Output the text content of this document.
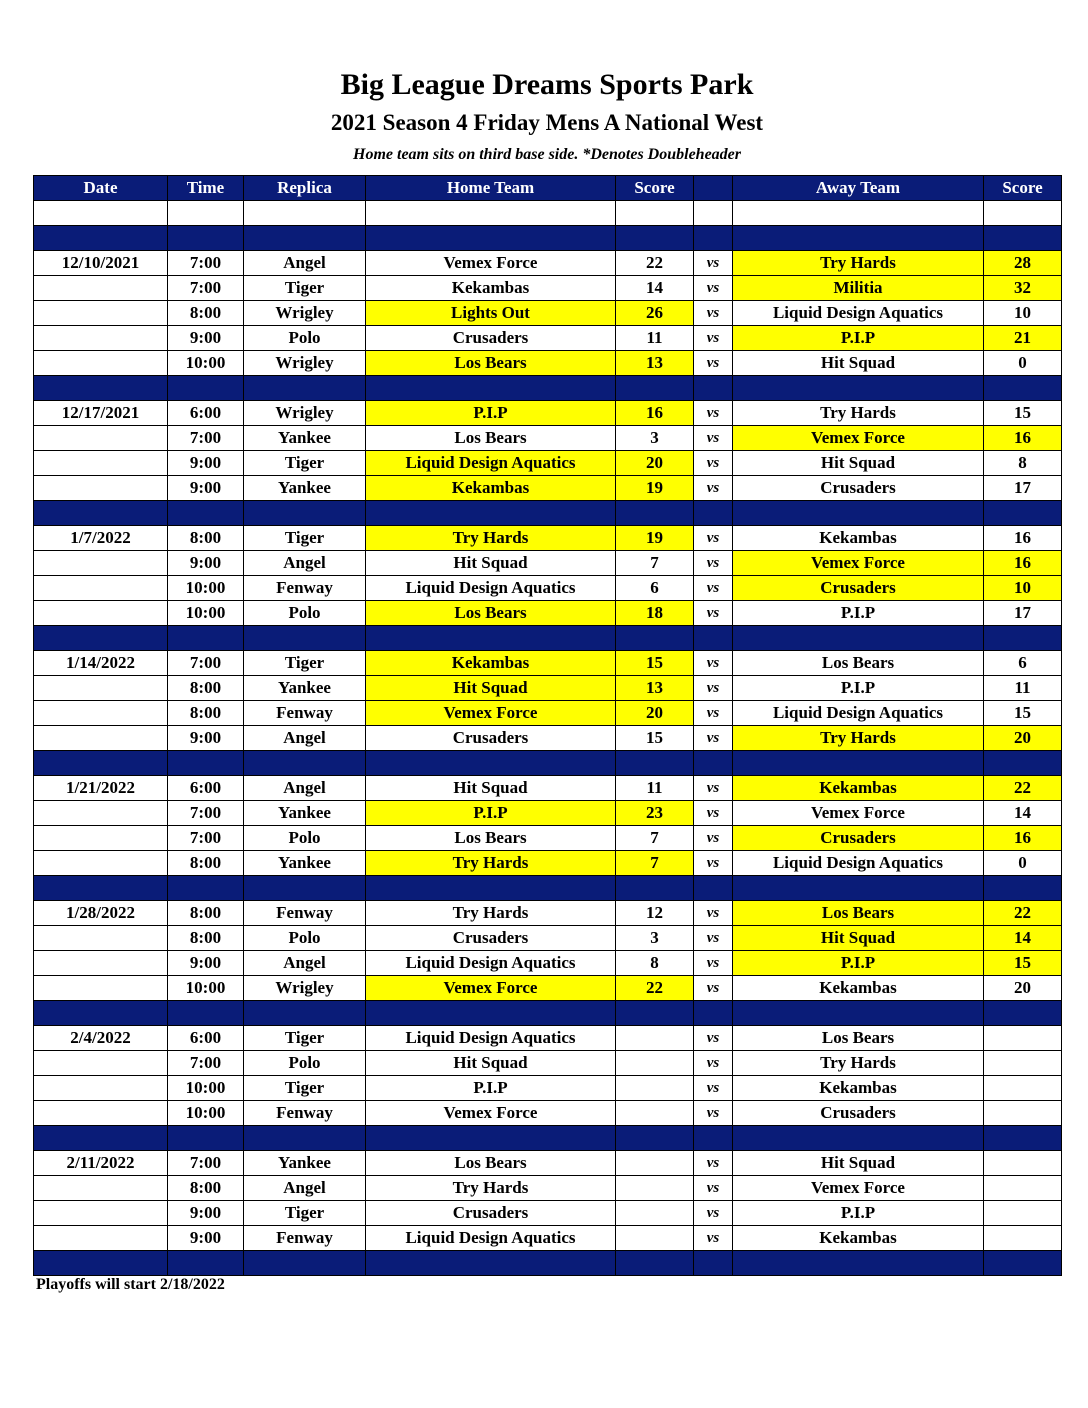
Big League Dreams Sports Park
2021 Season 4 Friday Mens A National West
Home team sits on third base side. *Denotes Doubleheader
Date	Time	Replica	Home Team	Score		Away Team	Score

12/10/2021	7:00	Angel	Vemex Force	22	vs	Try Hards	28
	7:00	Tiger	Kekambas	14	vs	Militia	32
	8:00	Wrigley	Lights Out	26	vs	Liquid Design Aquatics	10
	9:00	Polo	Crusaders	11	vs	P.I.P	21
	10:00	Wrigley	Los Bears	13	vs	Hit Squad	0

12/17/2021	6:00	Wrigley	P.I.P	16	vs	Try Hards	15
	7:00	Yankee	Los Bears	3	vs	Vemex Force	16
	9:00	Tiger	Liquid Design Aquatics	20	vs	Hit Squad	8
	9:00	Yankee	Kekambas	19	vs	Crusaders	17

1/7/2022	8:00	Tiger	Try Hards	19	vs	Kekambas	16
	9:00	Angel	Hit Squad	7	vs	Vemex Force	16
	10:00	Fenway	Liquid Design Aquatics	6	vs	Crusaders	10
	10:00	Polo	Los Bears	18	vs	P.I.P	17

1/14/2022	7:00	Tiger	Kekambas	15	vs	Los Bears	6
	8:00	Yankee	Hit Squad	13	vs	P.I.P	11
	8:00	Fenway	Vemex Force	20	vs	Liquid Design Aquatics	15
	9:00	Angel	Crusaders	15	vs	Try Hards	20

1/21/2022	6:00	Angel	Hit Squad	11	vs	Kekambas	22
	7:00	Yankee	P.I.P	23	vs	Vemex Force	14
	7:00	Polo	Los Bears	7	vs	Crusaders	16
	8:00	Yankee	Try Hards	7	vs	Liquid Design Aquatics	0

1/28/2022	8:00	Fenway	Try Hards	12	vs	Los Bears	22
	8:00	Polo	Crusaders	3	vs	Hit Squad	14
	9:00	Angel	Liquid Design Aquatics	8	vs	P.I.P	15
	10:00	Wrigley	Vemex Force	22	vs	Kekambas	20

2/4/2022	6:00	Tiger	Liquid Design Aquatics		vs	Los Bears	
	7:00	Polo	Hit Squad		vs	Try Hards	
	10:00	Tiger	P.I.P		vs	Kekambas	
	10:00	Fenway	Vemex Force		vs	Crusaders	

2/11/2022	7:00	Yankee	Los Bears		vs	Hit Squad	
	8:00	Angel	Try Hards		vs	Vemex Force	
	9:00	Tiger	Crusaders		vs	P.I.P	
	9:00	Fenway	Liquid Design Aquatics		vs	Kekambas	

Playoffs will start 2/18/2022
